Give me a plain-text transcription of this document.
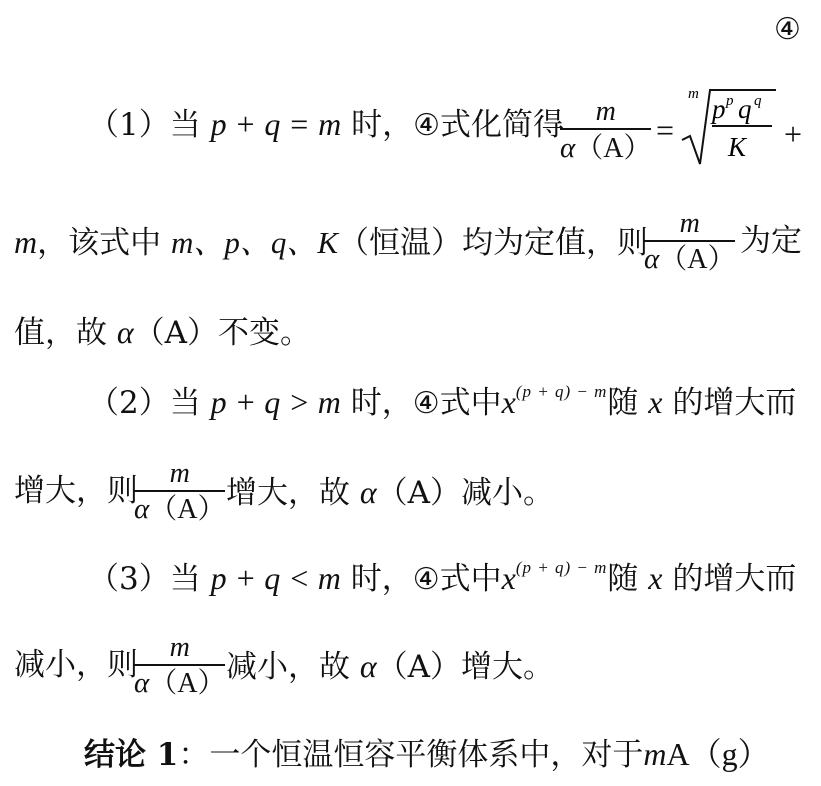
④
（1）当 p + q = m 时，④式化简得	m
α（A）
=
m p p q q
K +
m，该式中 m、p、q、K（恒温）均为定值，则
m
α（A）
为定
值，故 α（A）不变。
（2）当 p + q > m 时，④式中$x^{(p + q) - m}$随 x 的增大而
增大，则	m
α（A） 增大，故 α（A）减小。
（3）当 p + q < m 时，④式中$x^{(p + q) - m}$随 x 的增大而
减小，则	m
α（A） 减小，故 α（A）增大。
结论 1：一个恒温恒容平衡体系中，对于mA（g）
